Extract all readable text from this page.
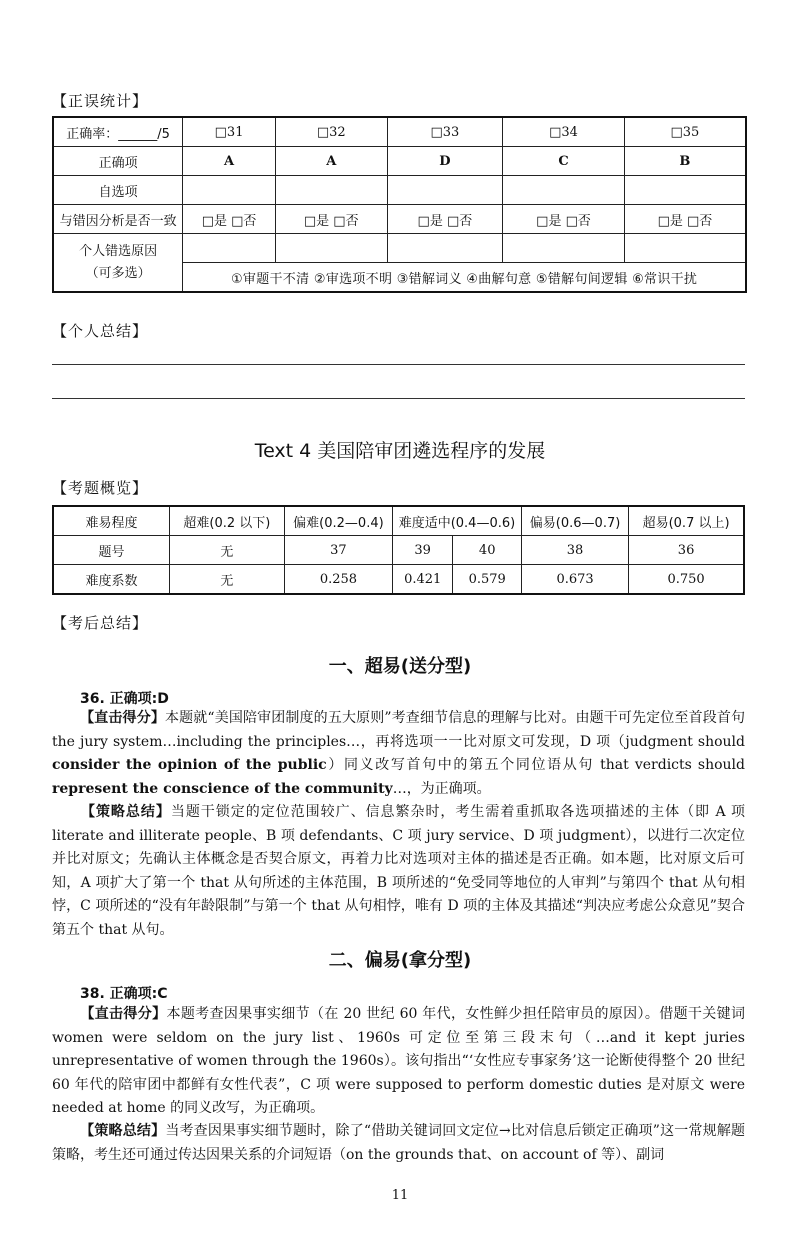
【正误统计】
正确率：______/5	□31	□32	□33	□34	□35
正确项	A	A	D	C	B
自选项					
与错因分析是否一致	□是 □否	□是 □否	□是 □否	□是 □否	□是 □否

个人错选原因
（可多选）					

	①审题干不清 ②审选项不明 ③错解词义 ④曲解句意 ⑤错解句间逻辑 ⑥常识干扰				
【个人总结】
Text 4 美国陪审团遴选程序的发展
【考题概览】
难易程度	超难(0.2 以下)	偏难(0.2—0.4)	难度适中(0.4—0.6)		偏易(0.6—0.7)	超易(0.7 以上)
题号	无	37	39	40	38	36
难度系数	无	0.258	0.421	0.579	0.673	0.750
【考后总结】
一、超易(送分型)
36. 正确项:D
【直击得分】本题就“美国陪审团制度的五大原则”考查细节信息的理解与比对。由题干可先定位至首段首句 the jury system…including the principles…，再将选项一一比对原文可发现，D 项（judgment should consider the opinion of the public）同义改写首句中的第五个同位语从句 that verdicts should represent the conscience of the community…，为正确项。
【策略总结】当题干锁定的定位范围较广、信息繁杂时，考生需着重抓取各选项描述的主体（即 A 项 literate and illiterate people、B 项 defendants、C 项 jury service、D 项 judgment），以进行二次定位并比对原文；先确认主体概念是否契合原文，再着力比对选项对主体的描述是否正确。如本题，比对原文后可知，A 项扩大了第一个 that 从句所述的主体范围，B 项所述的“免受同等地位的人审判”与第四个 that 从句相悖，C 项所述的“没有年龄限制”与第一个 that 从句相悖，唯有 D 项的主体及其描述“判决应考虑公众意见”契合第五个 that 从句。
二、偏易(拿分型)
38. 正确项:C
【直击得分】本题考查因果事实细节（在 20 世纪 60 年代，女性鲜少担任陪审员的原因）。借题干关键词 women were seldom on the jury list、1960s 可定位至第三段末句（…and it kept juries unrepresentative of women through the 1960s）。该句指出“‘女性应专事家务’这一论断使得整个 20 世纪 60 年代的陪审团中都鲜有女性代表”，C 项 were supposed to perform domestic duties 是对原文 were needed at home 的同义改写，为正确项。
【策略总结】当考查因果事实细节题时，除了“借助关键词回文定位→比对信息后锁定正确项”这一常规解题策略，考生还可通过传达因果关系的介词短语（on the grounds that、on account of 等）、副词
11
